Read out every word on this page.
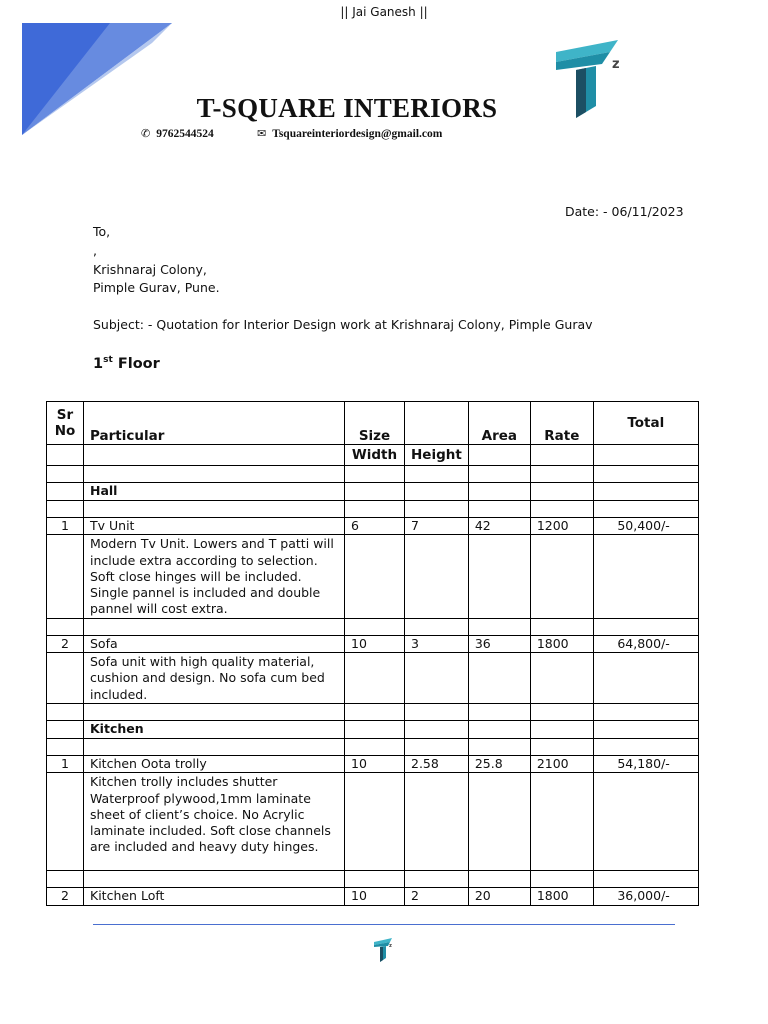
|| Jai Ganesh ||
z
T-SQUARE INTERIORS
✆ 9762544524	✉ Tsquareinteriordesign@gmail.com
Date: - 06/11/2023
To,
,
Krishnaraj Colony,
Pimple Gurav, Pune.
Subject: - Quotation for Interior Design work at Krishnaraj Colony, Pimple Gurav
1st Floor
Sr
No	Particular	Size		Area	Rate	Total
		Width	Height			

	Hall					

1	Tv Unit	6	7	42	1200	50,400/-
	Modern Tv Unit. Lowers and T patti will include extra according to selection. Soft close hinges will be included. Single pannel is included and double pannel will cost extra.					

2	Sofa	10	3	36	1800	64,800/-
	Sofa unit with high quality material, cushion and design. No sofa cum bed included.					

	Kitchen					

1	Kitchen Oota trolly	10	2.58	25.8	2100	54,180/-
	Kitchen trolly includes shutter Waterproof plywood,1mm laminate sheet of client’s choice. No Acrylic laminate included. Soft close channels are included and heavy duty hinges.					

2	Kitchen Loft	10	2	20	1800	36,000/-
z
